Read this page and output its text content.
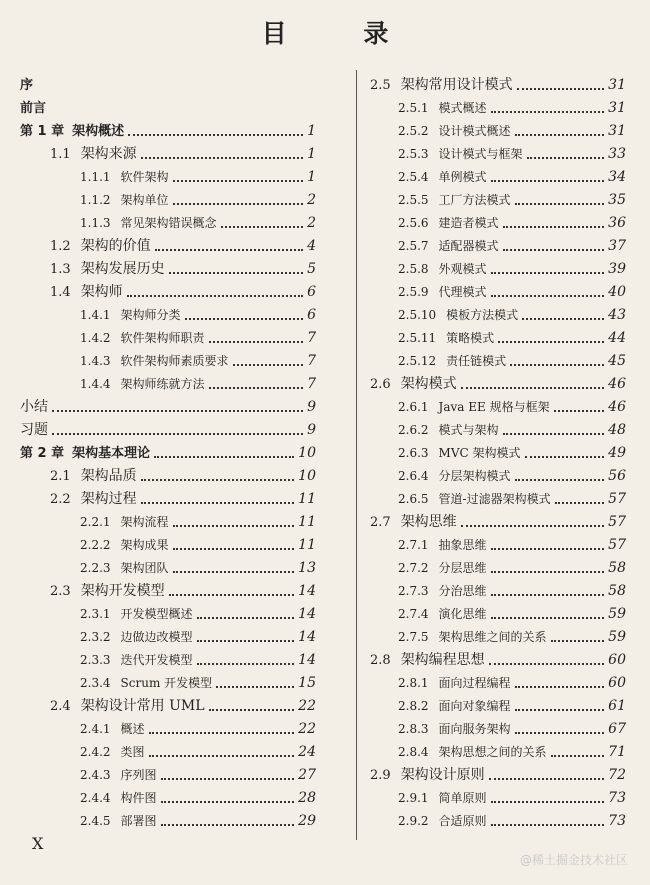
目 录
序
前言
第 1 章 架构概述	1
1.1 架构来源	1
1.1.1 软件架构	1
1.1.2 架构单位	2
1.1.3 常见架构错误概念	2
1.2 架构的价值	4
1.3 架构发展历史	5
1.4 架构师	6
1.4.1 架构师分类	6
1.4.2 软件架构师职责	7
1.4.3 软件架构师素质要求	7
1.4.4 架构师练就方法	7
小结	9
习题	9
第 2 章 架构基本理论	10
2.1 架构品质	10
2.2 架构过程	11
2.2.1 架构流程	11
2.2.2 架构成果	11
2.2.3 架构团队	13
2.3 架构开发模型	14
2.3.1 开发模型概述	14
2.3.2 边做边改模型	14
2.3.3 迭代开发模型	14
2.3.4 Scrum 开发模型	15
2.4 架构设计常用 UML	22
2.4.1 概述	22
2.4.2 类图	24
2.4.3 序列图	27
2.4.4 构件图	28
2.4.5 部署图	29
2.5 架构常用设计模式	31
2.5.1 模式概述	31
2.5.2 设计模式概述	31
2.5.3 设计模式与框架	33
2.5.4 单例模式	34
2.5.5 工厂方法模式	35
2.5.6 建造者模式	36
2.5.7 适配器模式	37
2.5.8 外观模式	39
2.5.9 代理模式	40
2.5.10 模板方法模式	43
2.5.11 策略模式	44
2.5.12 责任链模式	45
2.6 架构模式	46
2.6.1 Java EE 规格与框架	46
2.6.2 模式与架构	48
2.6.3 MVC 架构模式	49
2.6.4 分层架构模式	56
2.6.5 管道-过滤器架构模式	57
2.7 架构思维	57
2.7.1 抽象思维	57
2.7.2 分层思维	58
2.7.3 分治思维	58
2.7.4 演化思维	59
2.7.5 架构思维之间的关系	59
2.8 架构编程思想	60
2.8.1 面向过程编程	60
2.8.2 面向对象编程	61
2.8.3 面向服务架构	67
2.8.4 架构思想之间的关系	71
2.9 架构设计原则	72
2.9.1 简单原则	73
2.9.2 合适原则	73
X
@稀土掘金技术社区
